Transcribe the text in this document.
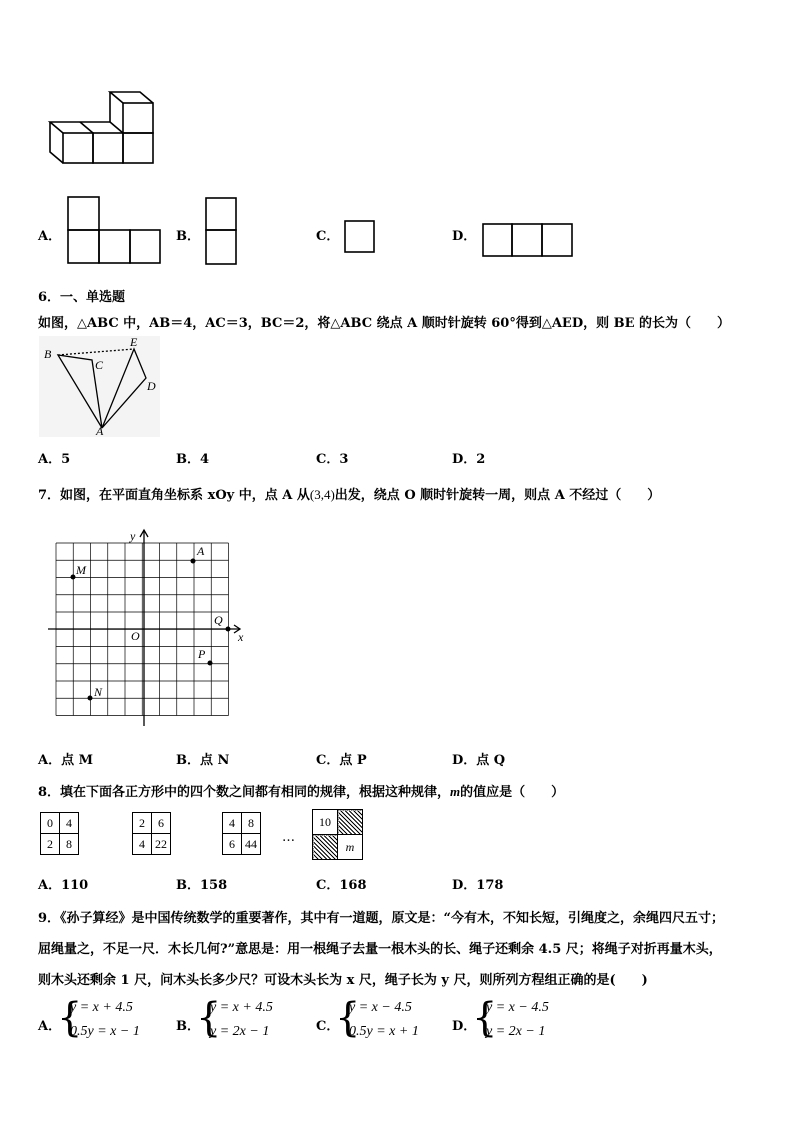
A．	B．	C．	D．
6．一、单选题
如图，△ABC 中，AB＝4，AC＝3，BC＝2，将△ABC 绕点 A 顺时针旋转 60°得到△AED，则 BE 的长为（　　）
B
C
E
D
A
A．5	B．4	C．3	D．2
7．如图，在平面直角坐标系 xOy 中，点 A 从(3,4)出发，绕点 O 顺时针旋转一周，则点 A 不经过（　　）
y
x
O
A
M
Q
P
N
A．点 M	B．点 N	C．点 P	D．点 Q
8．填在下面各正方形中的四个数之间都有相同的规律，根据这种规律，m的值应是（　　）
0	4
2	8
2	6
4	22
4	8
6	44 …
10	
	m
A．110	B．158	C．168	D．178
9．《孙子算经》是中国传统数学的重要著作，其中有一道题，原文是：“今有木，不知长短，引绳度之，余绳四尺五寸；
屈绳量之，不足一尺．木长几何?”意思是：用一根绳子去量一根木头的长、绳子还剩余 4.5 尺；将绳子对折再量木头，
则木头还剩余 1 尺，问木头长多少尺？可设木头长为 x 尺，绳子长为 y 尺，则所列方程组正确的是(　　)
A．
{
y = x + 4.5
0.5y = x − 1	B．
{
y = x + 4.5
y = 2x − 1	C．
{
y = x − 4.5
0.5y = x + 1	D．
{
y = x − 4.5
y = 2x − 1
